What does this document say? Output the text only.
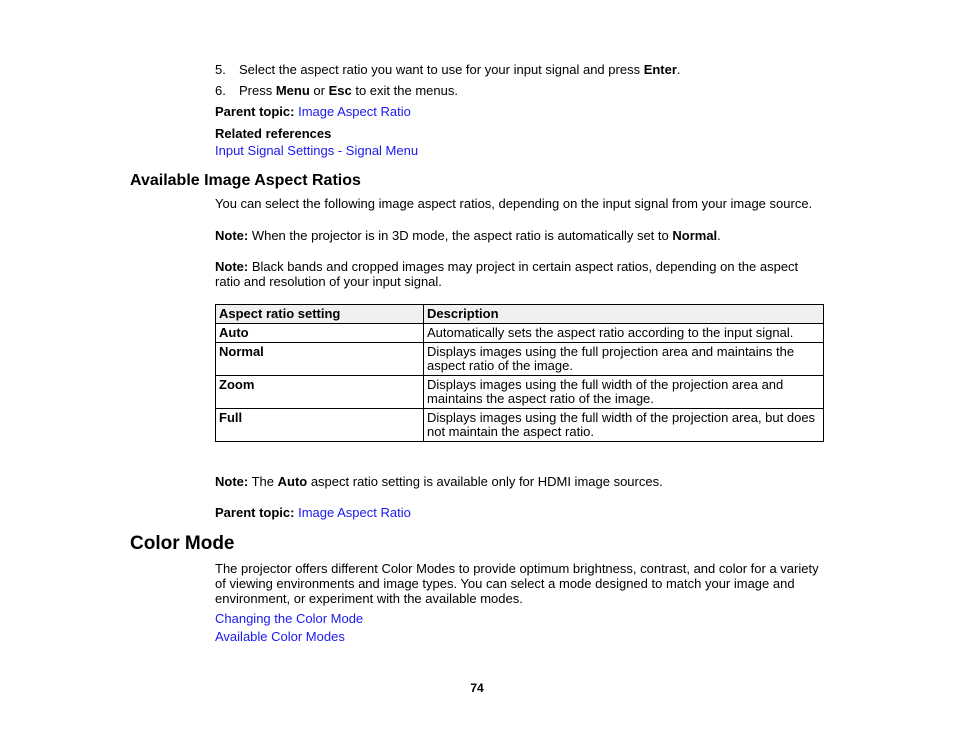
5. Select the aspect ratio you want to use for your input signal and press Enter.
6. Press Menu or Esc to exit the menus.
Parent topic: Image Aspect Ratio
Related references
Input Signal Settings - Signal Menu
Available Image Aspect Ratios
You can select the following image aspect ratios, depending on the input signal from your image source.
Note: When the projector is in 3D mode, the aspect ratio is automatically set to Normal.
Note: Black bands and cropped images may project in certain aspect ratios, depending on the aspect ratio and resolution of your input signal.
Aspect ratio setting	Description
Auto	Automatically sets the aspect ratio according to the input signal.
Normal	Displays images using the full projection area and maintains the aspect ratio of the image.
Zoom	Displays images using the full width of the projection area and maintains the aspect ratio of the image.
Full	Displays images using the full width of the projection area, but does not maintain the aspect ratio.
Note: The Auto aspect ratio setting is available only for HDMI image sources.
Parent topic: Image Aspect Ratio
Color Mode
The projector offers different Color Modes to provide optimum brightness, contrast, and color for a variety of viewing environments and image types. You can select a mode designed to match your image and environment, or experiment with the available modes.
Changing the Color Mode
Available Color Modes
74
